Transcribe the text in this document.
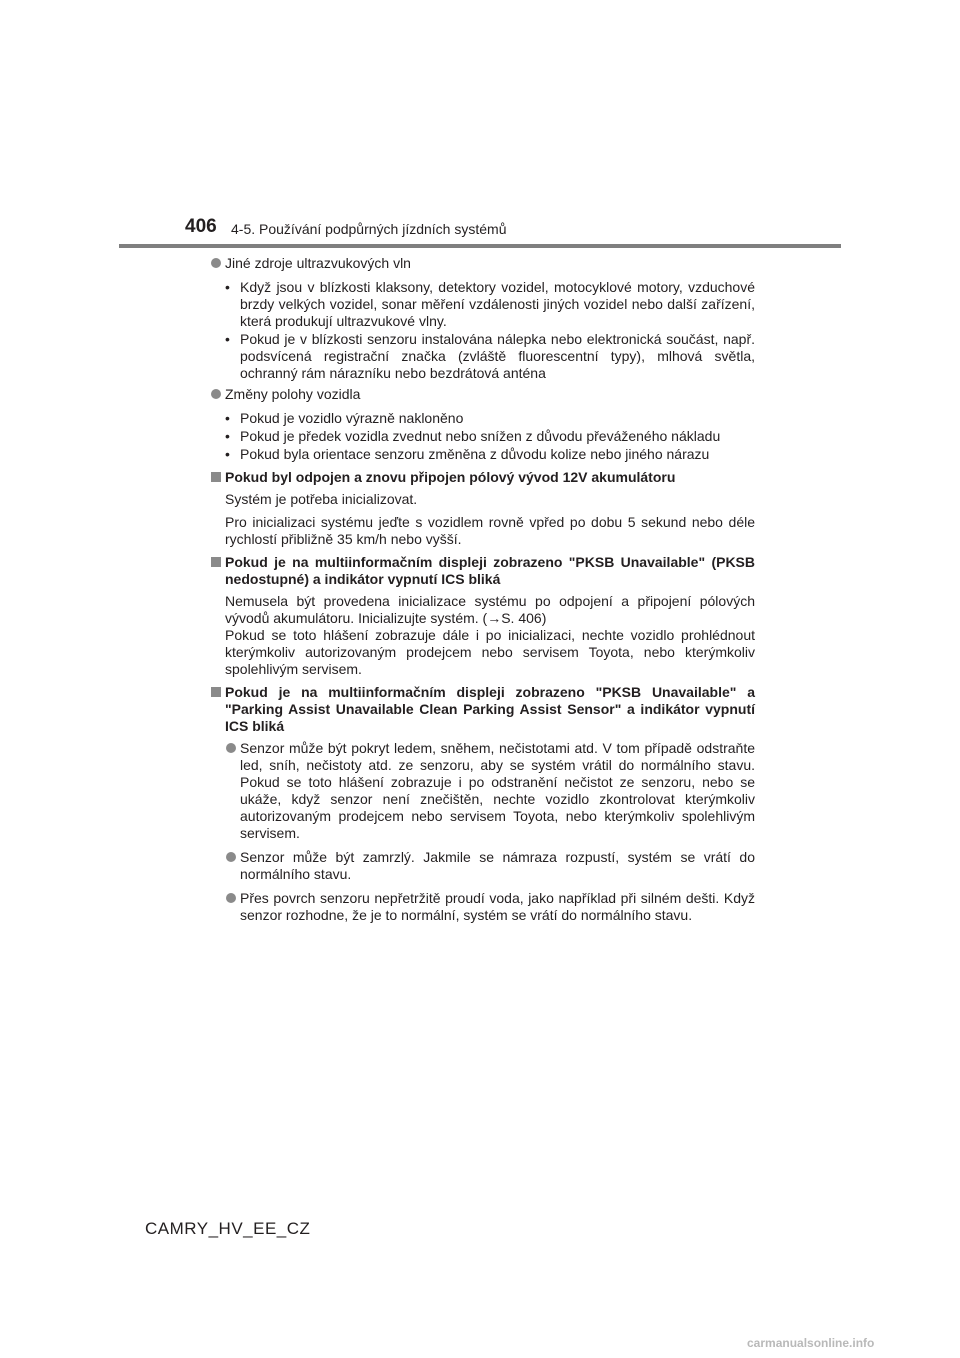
406 4-5. Používání podpůrných jízdních systémů
Jiné zdroje ultrazvukových vln
• Když jsou v blízkosti klaksony, detektory vozidel, motocyklové motory, vzduchové brzdy velkých vozidel, sonar měření vzdálenosti jiných vozidel nebo další zařízení, která produkují ultrazvukové vlny.
• Pokud je v blízkosti senzoru instalována nálepka nebo elektronická součást, např. podsvícená registrační značka (zvláště fluorescentní typy), mlhová světla, ochranný rám nárazníku nebo bezdrátová anténa
Změny polohy vozidla
• Pokud je vozidlo výrazně nakloněno
• Pokud je předek vozidla zvednut nebo snížen z důvodu převáženého nákladu
• Pokud byla orientace senzoru změněna z důvodu kolize nebo jiného nárazu
Pokud byl odpojen a znovu připojen pólový vývod 12V akumulátoru
Systém je potřeba inicializovat.
Pro inicializaci systému jeďte s vozidlem rovně vpřed po dobu 5 sekund nebo déle rychlostí přibližně 35 km/h nebo vyšší.
Pokud je na multiinformačním displeji zobrazeno "PKSB Unavailable" (PKSB nedostupné) a indikátor vypnutí ICS bliká
Nemusela být provedena inicializace systému po odpojení a připojení pólových vývodů akumulátoru. Inicializujte systém. (→S. 406)
Pokud se toto hlášení zobrazuje dále i po inicializaci, nechte vozidlo prohlédnout kterýmkoliv autorizovaným prodejcem nebo servisem Toyota, nebo kterýmkoliv spolehlivým servisem.
Pokud je na multiinformačním displeji zobrazeno "PKSB Unavailable" a "Parking Assist Unavailable Clean Parking Assist Sensor" a indikátor vypnutí ICS bliká
Senzor může být pokryt ledem, sněhem, nečistotami atd. V tom případě odstraňte led, sníh, nečistoty atd. ze senzoru, aby se systém vrátil do normálního stavu. Pokud se toto hlášení zobrazuje i po odstranění nečistot ze senzoru, nebo se ukáže, když senzor není znečištěn, nechte vozidlo zkontrolovat kterýmkoliv autorizovaným prodejcem nebo servisem Toyota, nebo kterýmkoliv spolehlivým servisem.
Senzor může být zamrzlý. Jakmile se námraza rozpustí, systém se vrátí do normálního stavu.
Přes povrch senzoru nepřetržitě proudí voda, jako například při silném dešti. Když senzor rozhodne, že je to normální, systém se vrátí do normálního stavu.
CAMRY_HV_EE_CZ
carmanualsonline.info
